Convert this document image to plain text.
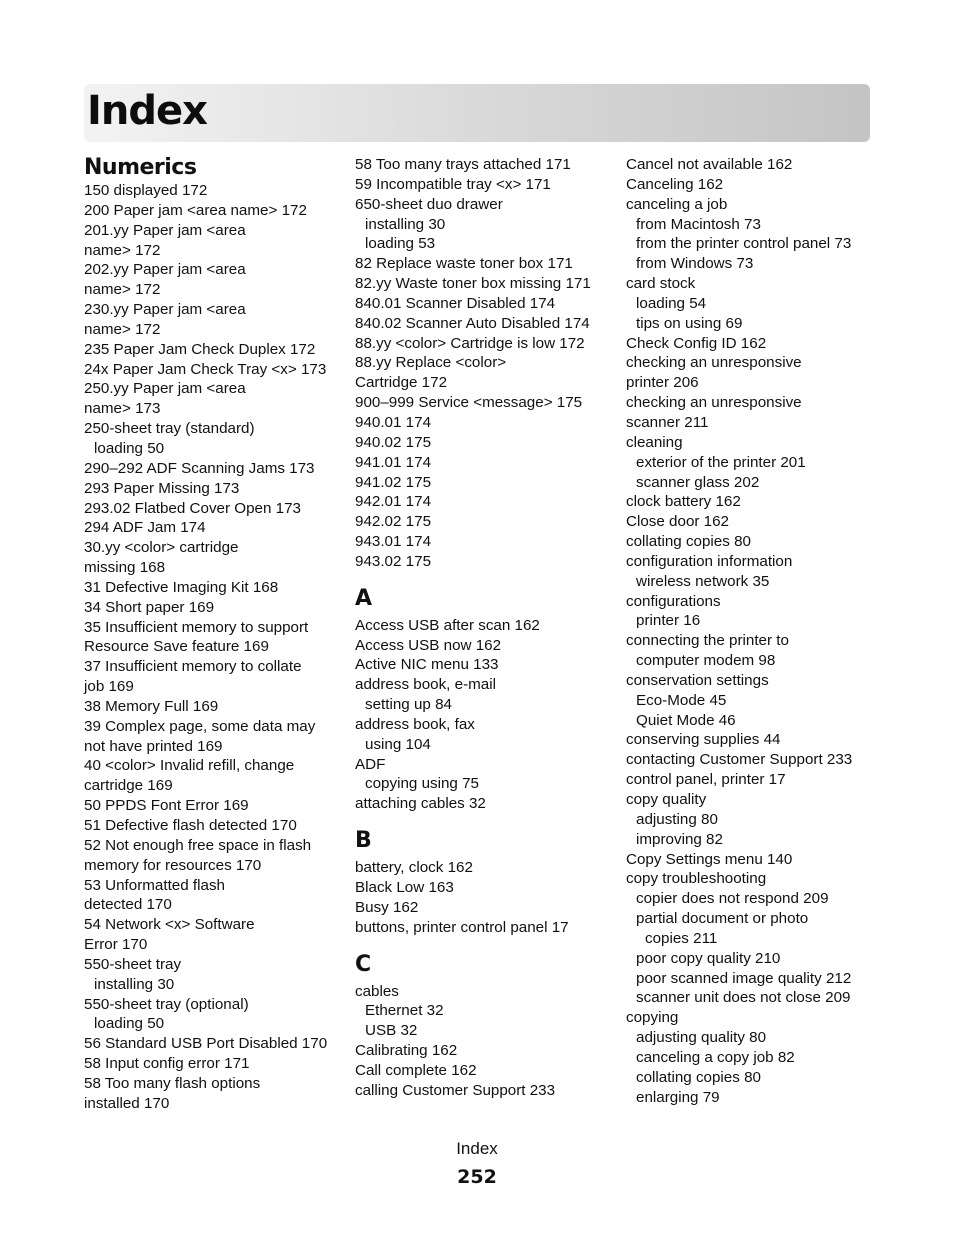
Index
Numerics
150 displayed 172
200 Paper jam <area name> 172
201.yy Paper jam <area
name> 172
202.yy Paper jam <area
name> 172
230.yy Paper jam <area
name> 172
235 Paper Jam Check Duplex 172
24x Paper Jam Check Tray <x> 173
250.yy Paper jam <area
name> 173
250-sheet tray (standard)
loading 50
290–292 ADF Scanning Jams 173
293 Paper Missing 173
293.02 Flatbed Cover Open 173
294 ADF Jam 174
30.yy <color> cartridge
missing 168
31 Defective Imaging Kit 168
34 Short paper 169
35 Insufficient memory to support
Resource Save feature 169
37 Insufficient memory to collate
job 169
38 Memory Full 169
39 Complex page, some data may
not have printed 169
40 <color> Invalid refill, change
cartridge 169
50 PPDS Font Error 169
51 Defective flash detected 170
52 Not enough free space in flash
memory for resources 170
53 Unformatted flash
detected 170
54 Network <x> Software
Error 170
550-sheet tray
installing 30
550-sheet tray (optional)
loading 50
56 Standard USB Port Disabled 170
58 Input config error 171
58 Too many flash options
installed 170
58 Too many trays attached 171
59 Incompatible tray <x> 171
650-sheet duo drawer
installing 30
loading 53
82 Replace waste toner box 171
82.yy Waste toner box missing 171
840.01 Scanner Disabled 174
840.02 Scanner Auto Disabled 174
88.yy <color> Cartridge is low 172
88.yy Replace <color>
Cartridge 172
900–999 Service <message> 175
940.01 174
940.02 175
941.01 174
941.02 175
942.01 174
942.02 175
943.01 174
943.02 175
A
Access USB after scan 162
Access USB now 162
Active NIC menu 133
address book, e-mail
setting up 84
address book, fax
using 104
ADF
copying using 75
attaching cables 32
B
battery, clock 162
Black Low 163
Busy 162
buttons, printer control panel 17
C
cables
Ethernet 32
USB 32
Calibrating 162
Call complete 162
calling Customer Support 233
Cancel not available 162
Canceling 162
canceling a job
from Macintosh 73
from the printer control panel 73
from Windows 73
card stock
loading 54
tips on using 69
Check Config ID 162
checking an unresponsive
printer 206
checking an unresponsive
scanner 211
cleaning
exterior of the printer 201
scanner glass 202
clock battery 162
Close door 162
collating copies 80
configuration information
wireless network 35
configurations
printer 16
connecting the printer to
computer modem 98
conservation settings
Eco-Mode 45
Quiet Mode 46
conserving supplies 44
contacting Customer Support 233
control panel, printer 17
copy quality
adjusting 80
improving 82
Copy Settings menu 140
copy troubleshooting
copier does not respond 209
partial document or photo
copies 211
poor copy quality 210
poor scanned image quality 212
scanner unit does not close 209
copying
adjusting quality 80
canceling a copy job 82
collating copies 80
enlarging 79
Index
252
